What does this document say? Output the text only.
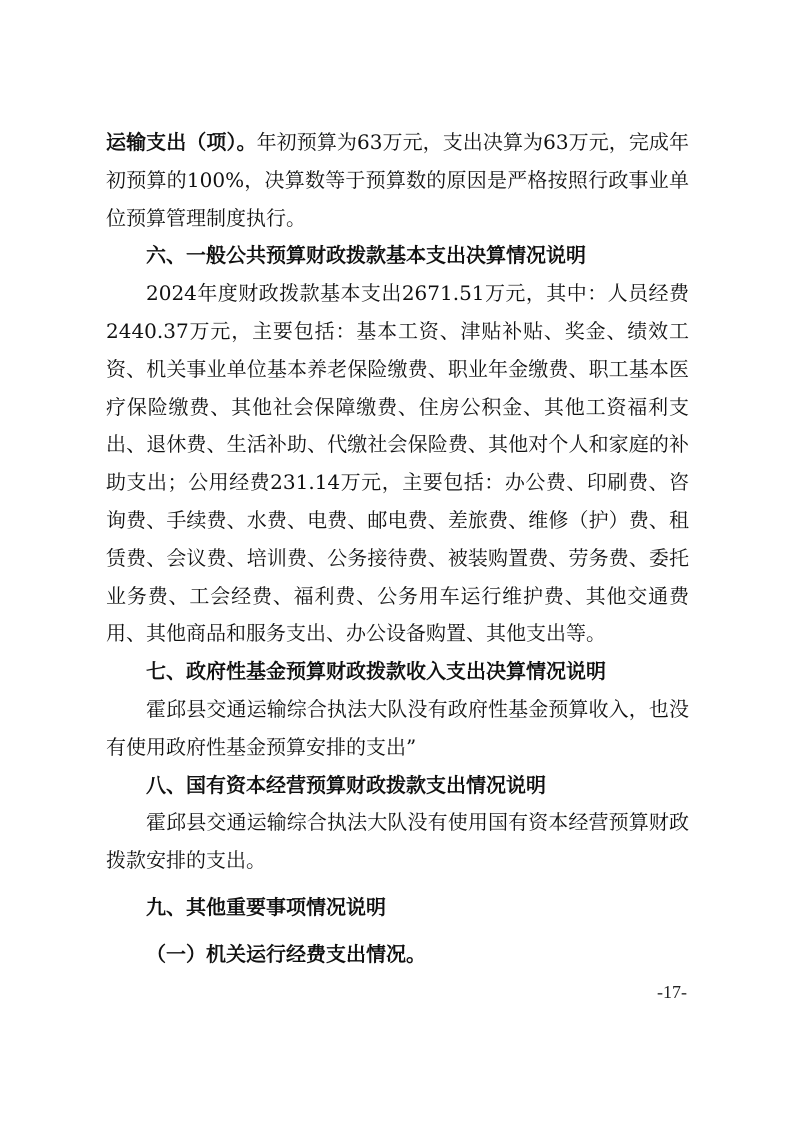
运输支出（项）。年初预算为63万元，支出决算为63万元，完成年初预算的100%，决算数等于预算数的原因是严格按照行政事业单位预算管理制度执行。

六、一般公共预算财政拨款基本支出决算情况说明

2024年度财政拨款基本支出2671.51万元，其中：人员经费2440.37万元，主要包括：基本工资、津贴补贴、奖金、绩效工资、机关事业单位基本养老保险缴费、职业年金缴费、职工基本医疗保险缴费、其他社会保障缴费、住房公积金、其他工资福利支出、退休费、生活补助、代缴社会保险费、其他对个人和家庭的补助支出；公用经费231.14万元，主要包括：办公费、印刷费、咨询费、手续费、水费、电费、邮电费、差旅费、维修（护）费、租赁费、会议费、培训费、公务接待费、被装购置费、劳务费、委托业务费、工会经费、福利费、公务用车运行维护费、其他交通费用、其他商品和服务支出、办公设备购置、其他支出等。

七、政府性基金预算财政拨款收入支出决算情况说明

霍邱县交通运输综合执法大队没有政府性基金预算收入，也没有使用政府性基金预算安排的支出”

八、国有资本经营预算财政拨款支出情况说明

霍邱县交通运输综合执法大队没有使用国有资本经营预算财政拨款安排的支出。

九、其他重要事项情况说明

（一）机关运行经费支出情况。

-17-
